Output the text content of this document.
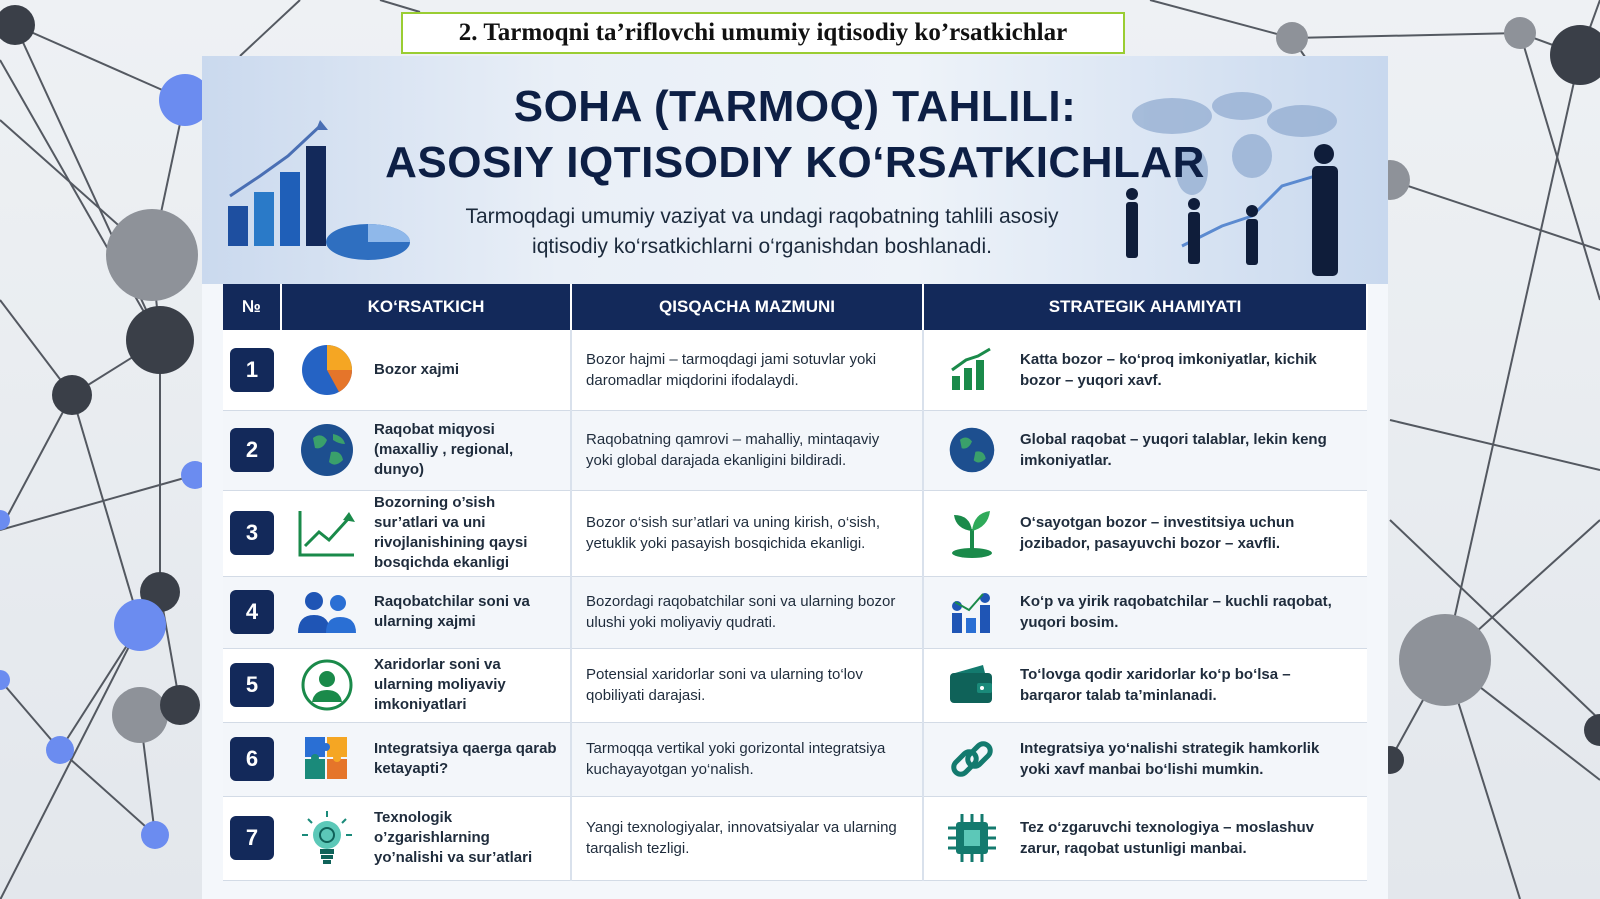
2. Tarmoqni ta’riflovchi umumiy iqtisodiy ko’rsatkichlar
SOHA (TARMOQ) TAHLILI:
ASOSIY IQTISODIY KO‘RSATKICHLAR
Tarmoqdagi umumiy vaziyat va undagi raqobatning tahlili asosiy
iqtisodiy ko‘rsatkichlarni o‘rganishdan boshlanadi.
№	KO‘RSATKICH		QISQACHA MAZMUNI	STRATEGIK AHAMIYATI	
1		Bozor xajmi	Bozor hajmi – tarmoqdagi jami sotuvlar yoki daromadlar miqdorini ifodalaydi.		Katta bozor – ko‘proq imkoniyatlar, kichik bozor – yuqori xavf.
2		Raqobat miqyosi (maxalliy , regional, dunyo)	Raqobatning qamrovi – mahalliy, mintaqaviy yoki global darajada ekanligini bildiradi.		Global raqobat – yuqori talablar, lekin keng imkoniyatlar.
3		Bozorning o’sish sur’atlari va uni rivojlanishining qaysi bosqichda ekanligi	Bozor o‘sish sur’atlari va uning kirish, o‘sish, yetuklik yoki pasayish bosqichida ekanligi.		O‘sayotgan bozor – investitsiya uchun jozibador, pasayuvchi bozor – xavfli.
4		Raqobatchilar soni va ularning xajmi	Bozordagi raqobatchilar soni va ularning bozor ulushi yoki moliyaviy qudrati.		Ko‘p va yirik raqobatchilar – kuchli raqobat, yuqori bosim.
5		Xaridorlar soni va ularning moliyaviy imkoniyatlari	Potensial xaridorlar soni va ularning to‘lov qobiliyati darajasi.		To‘lovga qodir xaridorlar ko‘p bo‘lsa – barqaror talab ta’minlanadi.
6		Integratsiya qaerga qarab ketayapti?	Tarmoqqa vertikal yoki gorizontal integratsiya kuchayayotgan yo‘nalish.		Integratsiya yo‘nalishi strategik hamkorlik yoki xavf manbai bo‘lishi mumkin.
7		Texnologik o’zgarishlarning yo’nalishi va sur’atlari	Yangi texnologiyalar, innovatsiyalar va ularning tarqalish tezligi.		Tez o‘zgaruvchi texnologiya – moslashuv zarur, raqobat ustunligi manbai.
